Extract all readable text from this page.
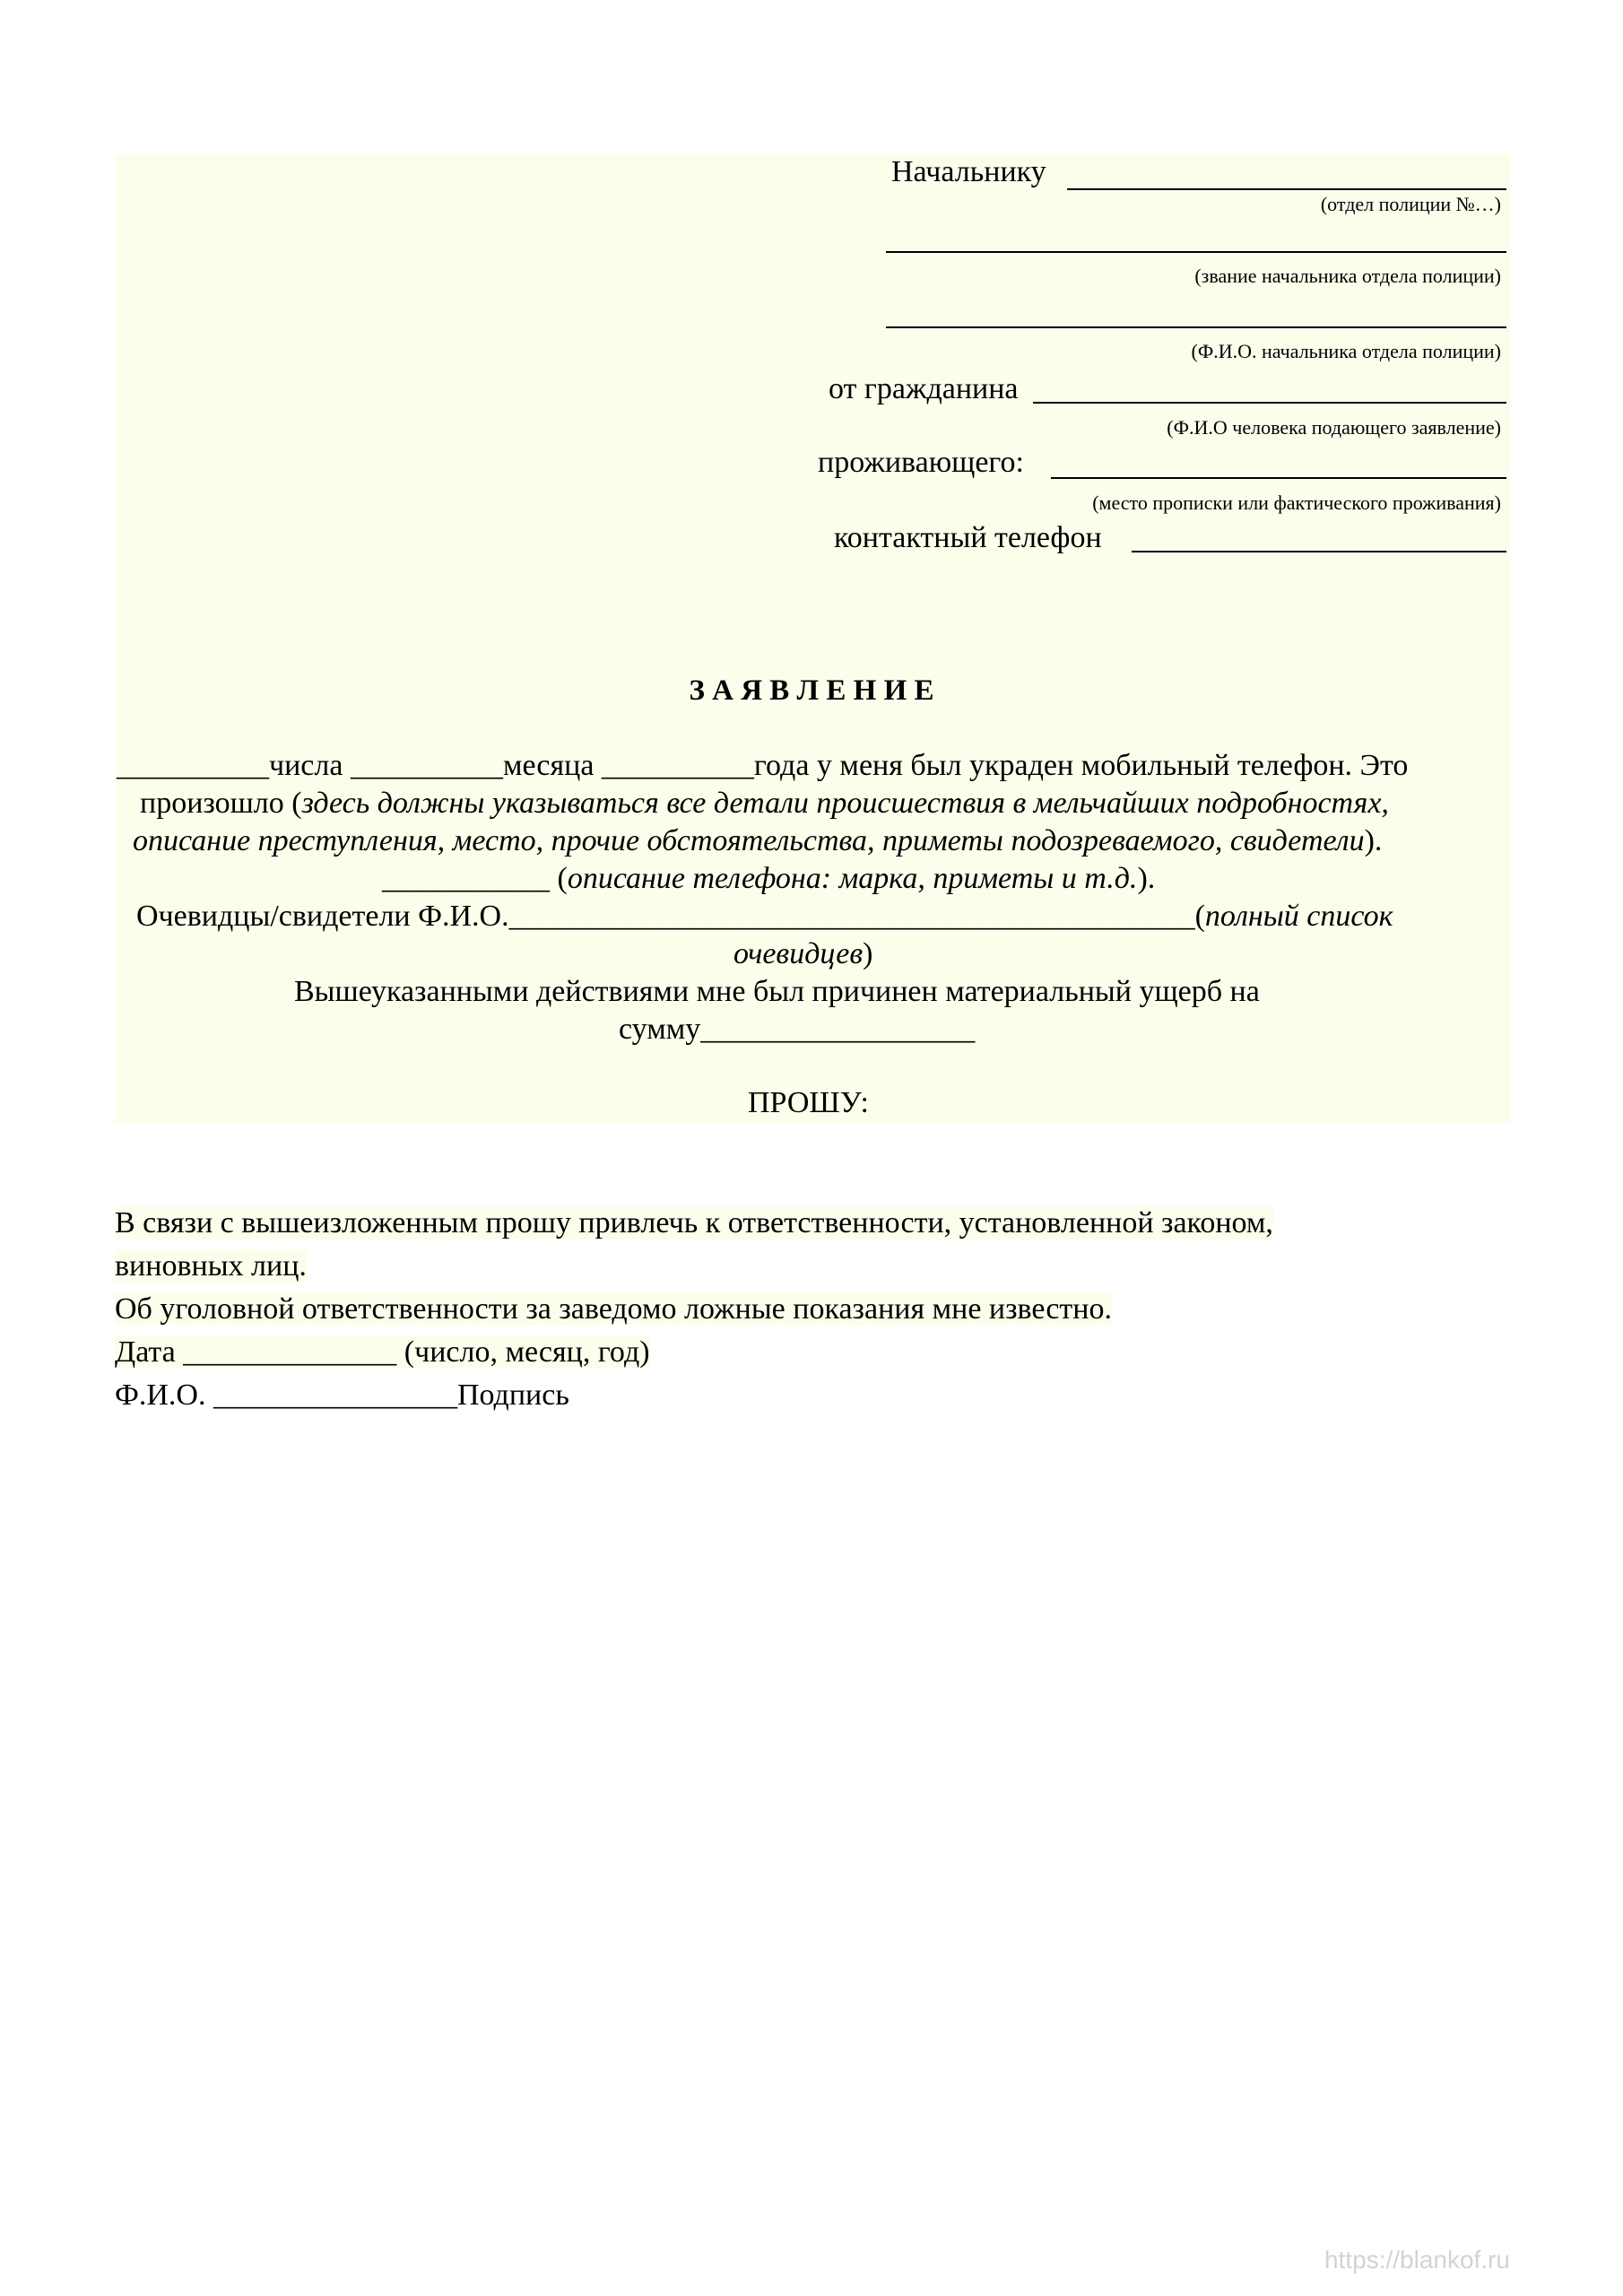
Начальнику
(отдел полиции №…)
(звание начальника отдела полиции)
(Ф.И.О. начальника отдела полиции)
от гражданина
(Ф.И.О человека подающего заявление)
проживающего:
(место прописки или фактического проживания)
контактный телефон
З А Я В Л Е Н И Е
__________числа __________месяца __________года у меня был украден мобильный телефон. Это
произошло (здесь должны указываться все детали происшествия в мельчайших подробностях,
описание преступления, место, прочие обстоятельства, приметы подозреваемого, свидетели).
___________ (описание телефона: марка, приметы и т.д.).
Очевидцы/свидетели Ф.И.О._____________________________________________(полный список
очевидцев)
Вышеуказанными действиями мне был причинен материальный ущерб на
сумму__________________
ПРОШУ:
В связи с вышеизложенным прошу привлечь к ответственности, установленной законом,
виновных лиц.
Об уголовной ответственности за заведомо ложные показания мне известно.
Дата ______________ (число, месяц, год)
Ф.И.О. ________________Подпись
https://blankof.ru
